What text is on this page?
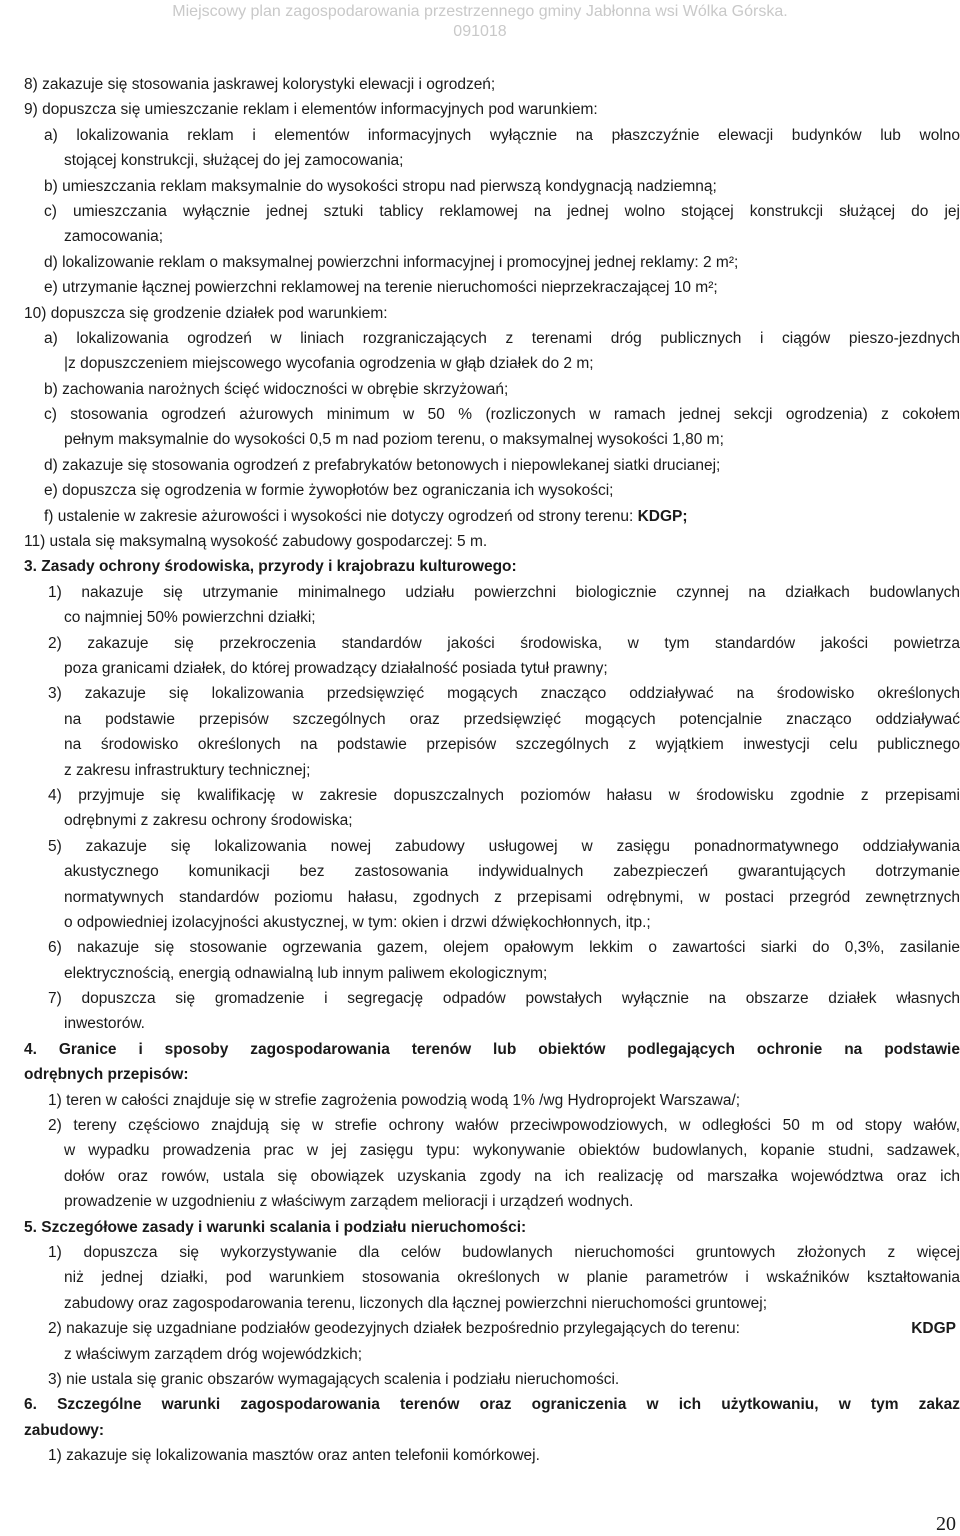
Miejscowy plan zagospodarowania przestrzennego gminy Jabłonna wsi Wólka Górska.
091018
8) zakazuje się stosowania jaskrawej kolorystyki elewacji i ogrodzeń;
9) dopuszcza się umieszczanie reklam i elementów informacyjnych pod warunkiem:
a) lokalizowania reklam i elementów informacyjnych wyłącznie na płaszczyźnie elewacji budynków lub wolno
stojącej konstrukcji, służącej do jej zamocowania;
b) umieszczania reklam maksymalnie do wysokości stropu nad pierwszą kondygnacją nadziemną;
c) umieszczania wyłącznie jednej sztuki tablicy reklamowej na jednej wolno stojącej konstrukcji służącej do jej
zamocowania;
d) lokalizowanie reklam o maksymalnej powierzchni informacyjnej i promocyjnej jednej reklamy: 2 m²;
e) utrzymanie łącznej powierzchni reklamowej na terenie nieruchomości nieprzekraczającej 10 m²;
10) dopuszcza się grodzenie działek pod warunkiem:
a) lokalizowania ogrodzeń w liniach rozgraniczających z terenami dróg publicznych i ciągów pieszo-jezdnych
|z dopuszczeniem miejscowego wycofania ogrodzenia w głąb działek do 2 m;
b) zachowania narożnych ścięć widoczności w obrębie skrzyżowań;
c) stosowania ogrodzeń ażurowych minimum w 50 % (rozliczonych w ramach jednej sekcji ogrodzenia) z cokołem
pełnym maksymalnie do wysokości 0,5 m nad poziom terenu, o maksymalnej wysokości 1,80 m;
d) zakazuje się stosowania ogrodzeń z prefabrykatów betonowych i niepowlekanej siatki drucianej;
e) dopuszcza się ogrodzenia w formie żywopłotów bez ograniczania ich wysokości;
f) ustalenie w zakresie ażurowości i wysokości nie dotyczy ogrodzeń od strony terenu: KDGP;
11) ustala się maksymalną wysokość zabudowy gospodarczej: 5 m.
3. Zasady ochrony środowiska, przyrody i krajobrazu kulturowego:
1) nakazuje się utrzymanie minimalnego udziału powierzchni biologicznie czynnej na działkach budowlanych
co najmniej 50% powierzchni działki;
2) zakazuje się przekroczenia standardów jakości środowiska, w tym standardów jakości powietrza
poza granicami działek, do której prowadzący działalność posiada tytuł prawny;
3) zakazuje się lokalizowania przedsięwzięć mogących znacząco oddziaływać na środowisko określonych
na podstawie przepisów szczególnych oraz przedsięwzięć mogących potencjalnie znacząco oddziaływać
na środowisko określonych na podstawie przepisów szczególnych z wyjątkiem inwestycji celu publicznego
z zakresu infrastruktury technicznej;
4) przyjmuje się kwalifikację w zakresie dopuszczalnych poziomów hałasu w środowisku zgodnie z przepisami
odrębnymi z zakresu ochrony środowiska;
5) zakazuje się lokalizowania nowej zabudowy usługowej w zasięgu ponadnormatywnego oddziaływania
akustycznego komunikacji bez zastosowania indywidualnych zabezpieczeń gwarantujących dotrzymanie
normatywnych standardów poziomu hałasu, zgodnych z przepisami odrębnymi, w postaci przegród zewnętrznych
o odpowiedniej izolacyjności akustycznej, w tym: okien i drzwi dźwiękochłonnych, itp.;
6) nakazuje się stosowanie ogrzewania gazem, olejem opałowym lekkim o zawartości siarki do 0,3%, zasilanie
elektrycznością, energią odnawialną lub innym paliwem ekologicznym;
7) dopuszcza się gromadzenie i segregację odpadów powstałych wyłącznie na obszarze działek własnych
inwestorów.
4. Granice i sposoby zagospodarowania terenów lub obiektów podlegających ochronie na podstawie
odrębnych przepisów:
1) teren w całości znajduje się w strefie zagrożenia powodzią wodą 1% /wg Hydroprojekt Warszawa/;
2) tereny częściowo znajdują się w strefie ochrony wałów przeciwpowodziowych, w odległości 50 m od stopy wałów,
w wypadku prowadzenia prac w jej zasięgu typu: wykonywanie obiektów budowlanych, kopanie studni, sadzawek,
dołów oraz rowów, ustala się obowiązek uzyskania zgody na ich realizację od marszałka województwa oraz ich
prowadzenie w uzgodnieniu z właściwym zarządem melioracji i urządzeń wodnych.
5. Szczegółowe zasady i warunki scalania i podziału nieruchomości:
1) dopuszcza się wykorzystywanie dla celów budowlanych nieruchomości gruntowych złożonych z więcej
niż jednej działki, pod warunkiem stosowania określonych w planie parametrów i wskaźników kształtowania
zabudowy oraz zagospodarowania terenu, liczonych dla łącznej powierzchni nieruchomości gruntowej;
2) nakazuje się uzgadniane podziałów geodezyjnych działek bezpośrednio przylegających do terenu:	KDGP
z właściwym zarządem dróg wojewódzkich;
3) nie ustala się granic obszarów wymagających scalenia i podziału nieruchomości.
6. Szczególne warunki zagospodarowania terenów oraz ograniczenia w ich użytkowaniu, w tym zakaz
zabudowy:
1) zakazuje się lokalizowania masztów oraz anten telefonii komórkowej.
20
